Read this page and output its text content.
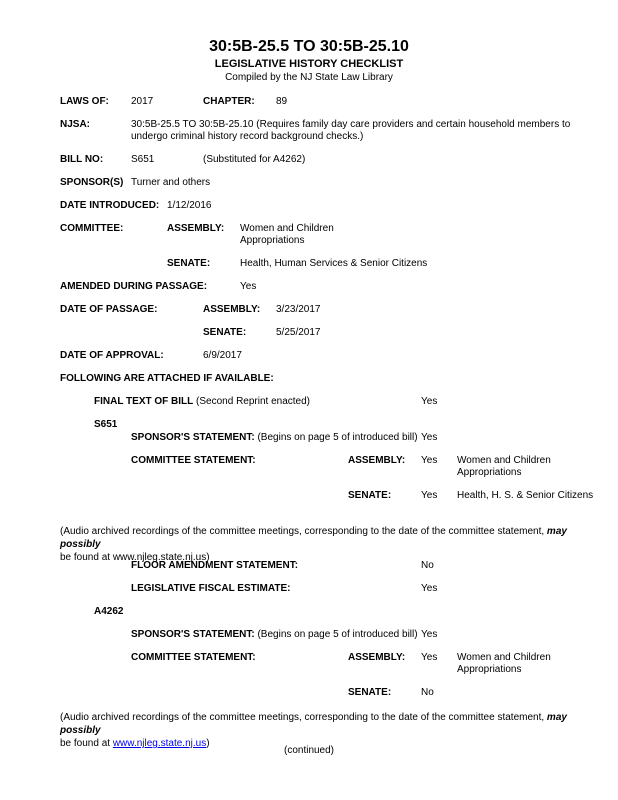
30:5B-25.5 TO 30:5B-25.10
LEGISLATIVE HISTORY CHECKLIST
Compiled by the NJ State Law Library
LAWS OF: 2017	CHAPTER: 89
NJSA:	30:5B-25.5 TO 30:5B-25.10 (Requires family day care providers and certain household members to undergo criminal history record background checks.)
BILL NO:	S651	(Substituted for A4262)
SPONSOR(S) Turner and others
DATE INTRODUCED: 1/12/2016
COMMITTEE:	ASSEMBLY: Women and Children
Appropriations
SENATE:	Health, Human Services & Senior Citizens
AMENDED DURING PASSAGE:	Yes
DATE OF PASSAGE:	ASSEMBLY: 3/23/2017
SENATE:	5/25/2017
DATE OF APPROVAL:	6/9/2017
FOLLOWING ARE ATTACHED IF AVAILABLE:
FINAL TEXT OF BILL (Second Reprint enacted)	Yes
S651
SPONSOR'S STATEMENT: (Begins on page 5 of introduced bill) Yes
COMMITTEE STATEMENT:	ASSEMBLY: Yes Women and Children
Appropriations
SENATE:	Yes Health, H. S. & Senior Citizens
(Audio archived recordings of the committee meetings, corresponding to the date of the committee statement, may possibly
be found at www.njleg.state.nj.us)
FLOOR AMENDMENT STATEMENT:	No
LEGISLATIVE FISCAL ESTIMATE:	Yes
A4262
SPONSOR'S STATEMENT: (Begins on page 5 of introduced bill) Yes
COMMITTEE STATEMENT:	ASSEMBLY: Yes Women and Children
Appropriations
SENATE:	No
(Audio archived recordings of the committee meetings, corresponding to the date of the committee statement, may possibly
be found at www.njleg.state.nj.us)
(continued)
